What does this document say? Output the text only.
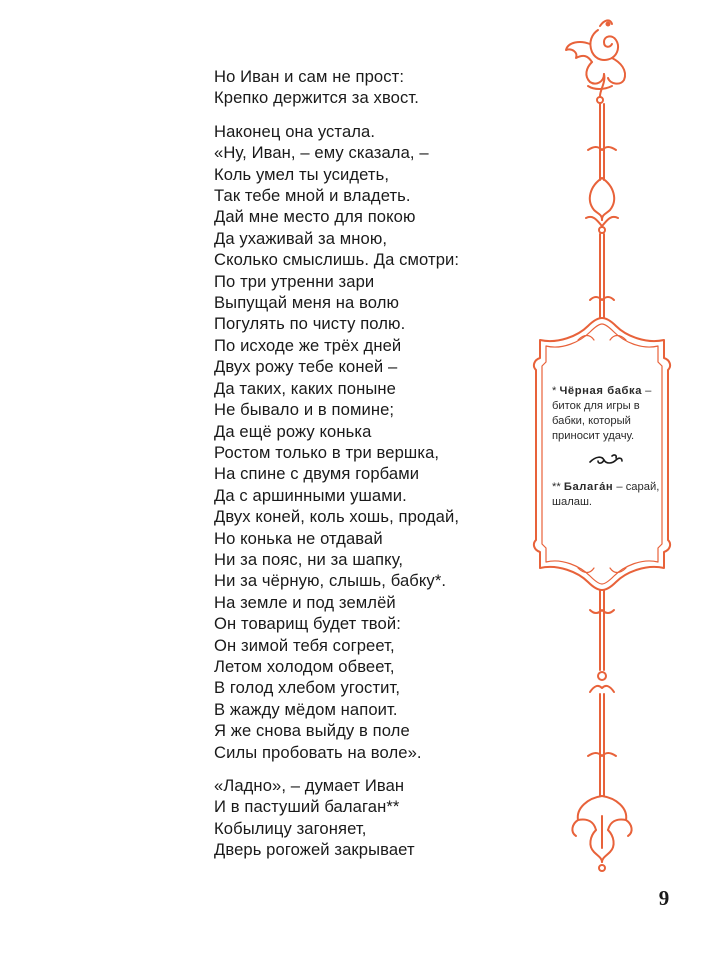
Но Иван и сам не прост:
Крепко держится за хвост.
Наконец она устала.
«Ну, Иван, – ему сказала, –
Коль умел ты усидеть,
Так тебе мной и владеть.
Дай мне место для покою
Да ухаживай за мною,
Сколько смыслишь. Да смотри:
По три утренни зари
Выпущай меня на волю
Погулять по чисту полю.
По исходе же трёх дней
Двух рожу тебе коней –
Да таких, каких поныне
Не бывало и в помине;
Да ещё рожу конька
Ростом только в три вершка,
На спине с двумя горбами
Да с аршинными ушами.
Двух коней, коль хошь, продай,
Но конька не отдавай
Ни за пояс, ни за шапку,
Ни за чёрную, слышь, бабку*.
На земле и под землёй
Он товарищ будет твой:
Он зимой тебя согреет,
Летом холодом обвеет,
В голод хлебом угостит,
В жажду мёдом напоит.
Я же снова выйду в поле
Силы пробовать на воле».
«Ладно», – думает Иван
И в пастуший балаган**
Кобылицу загоняет,
Дверь рогожей закрывает

* Чёрная бабка – биток для игры в бабки, который приносит удачу.

** Балага́н – сарай, шалаш.

9
